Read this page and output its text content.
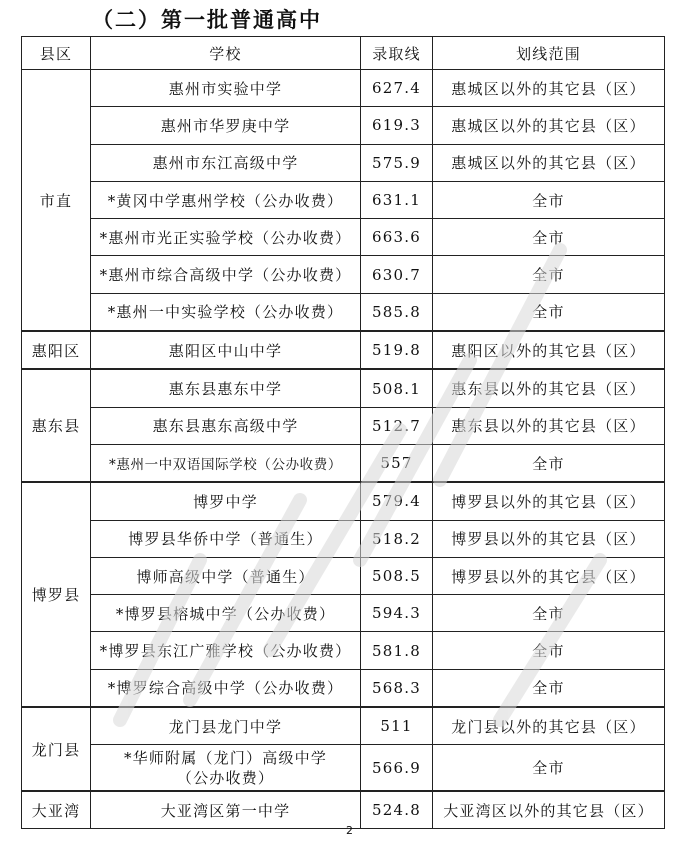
（二）第一批普通高中
县区	学校	录取线	划线范围
市直	惠州市实验中学	627.4	惠城区以外的其它县（区）
	惠州市华罗庚中学	619.3	惠城区以外的其它县（区）
	惠州市东江高级中学	575.9	惠城区以外的其它县（区）
	*黄冈中学惠州学校（公办收费）	631.1	全市
	*惠州市光正实验学校（公办收费）	663.6	全市
	*惠州市综合高级中学（公办收费）	630.7	全市
	*惠州一中实验学校（公办收费）	585.8	全市
惠阳区	惠阳区中山中学	519.8	惠阳区以外的其它县（区）
惠东县	惠东县惠东中学	508.1	惠东县以外的其它县（区）
	惠东县惠东高级中学	512.7	惠东县以外的其它县（区）
	*惠州一中双语国际学校（公办收费）	557	全市
博罗县	博罗中学	579.4	博罗县以外的其它县（区）
	博罗县华侨中学（普通生）	518.2	博罗县以外的其它县（区）
	博师高级中学（普通生）	508.5	博罗县以外的其它县（区）
	*博罗县榕城中学（公办收费）	594.3	全市
	*博罗县东江广雅学校（公办收费）	581.8	全市
	*博罗综合高级中学（公办收费）	568.3	全市
龙门县	龙门县龙门中学	511	龙门县以外的其它县（区）

	*华师附属（龙门）高级中学
（公办收费）	566.9	全市
大亚湾	大亚湾区第一中学	524.8	大亚湾区以外的其它县（区）
2
